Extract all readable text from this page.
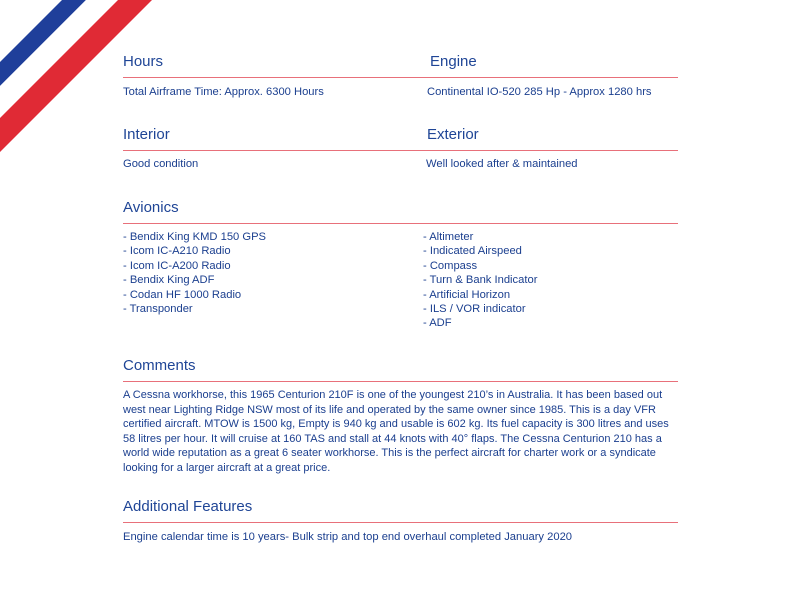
Hours
Total Airframe Time: Approx. 6300 Hours
Engine
Continental IO-520 285 Hp - Approx 1280 hrs
Interior
Good condition
Exterior
Well looked after & maintained
Avionics
- Bendix King KMD 150 GPS
- Icom IC-A210 Radio
- Icom IC-A200 Radio
- Bendix King ADF
- Codan HF 1000 Radio
- Transponder
- Altimeter
- Indicated Airspeed
- Compass
- Turn & Bank Indicator
- Artificial Horizon
- ILS / VOR indicator
- ADF
Comments
A Cessna workhorse, this 1965 Centurion 210F is one of the youngest 210’s in Australia. It has been based out west near Lighting Ridge NSW most of its life and operated by the same owner since 1985. This is a day VFR certified aircraft. MTOW is 1500 kg, Empty is 940 kg and usable is 602 kg. Its fuel capacity is 300 litres and uses 58 litres per hour. It will cruise at 160 TAS and stall at 44 knots with 40° flaps. The Cessna Centurion 210 has a world wide reputation as a great 6 seater workhorse. This is the perfect aircraft for charter work or a syndicate looking for a larger aircraft at a great price.
Additional Features
Engine calendar time is 10 years- Bulk strip and top end overhaul completed January 2020
